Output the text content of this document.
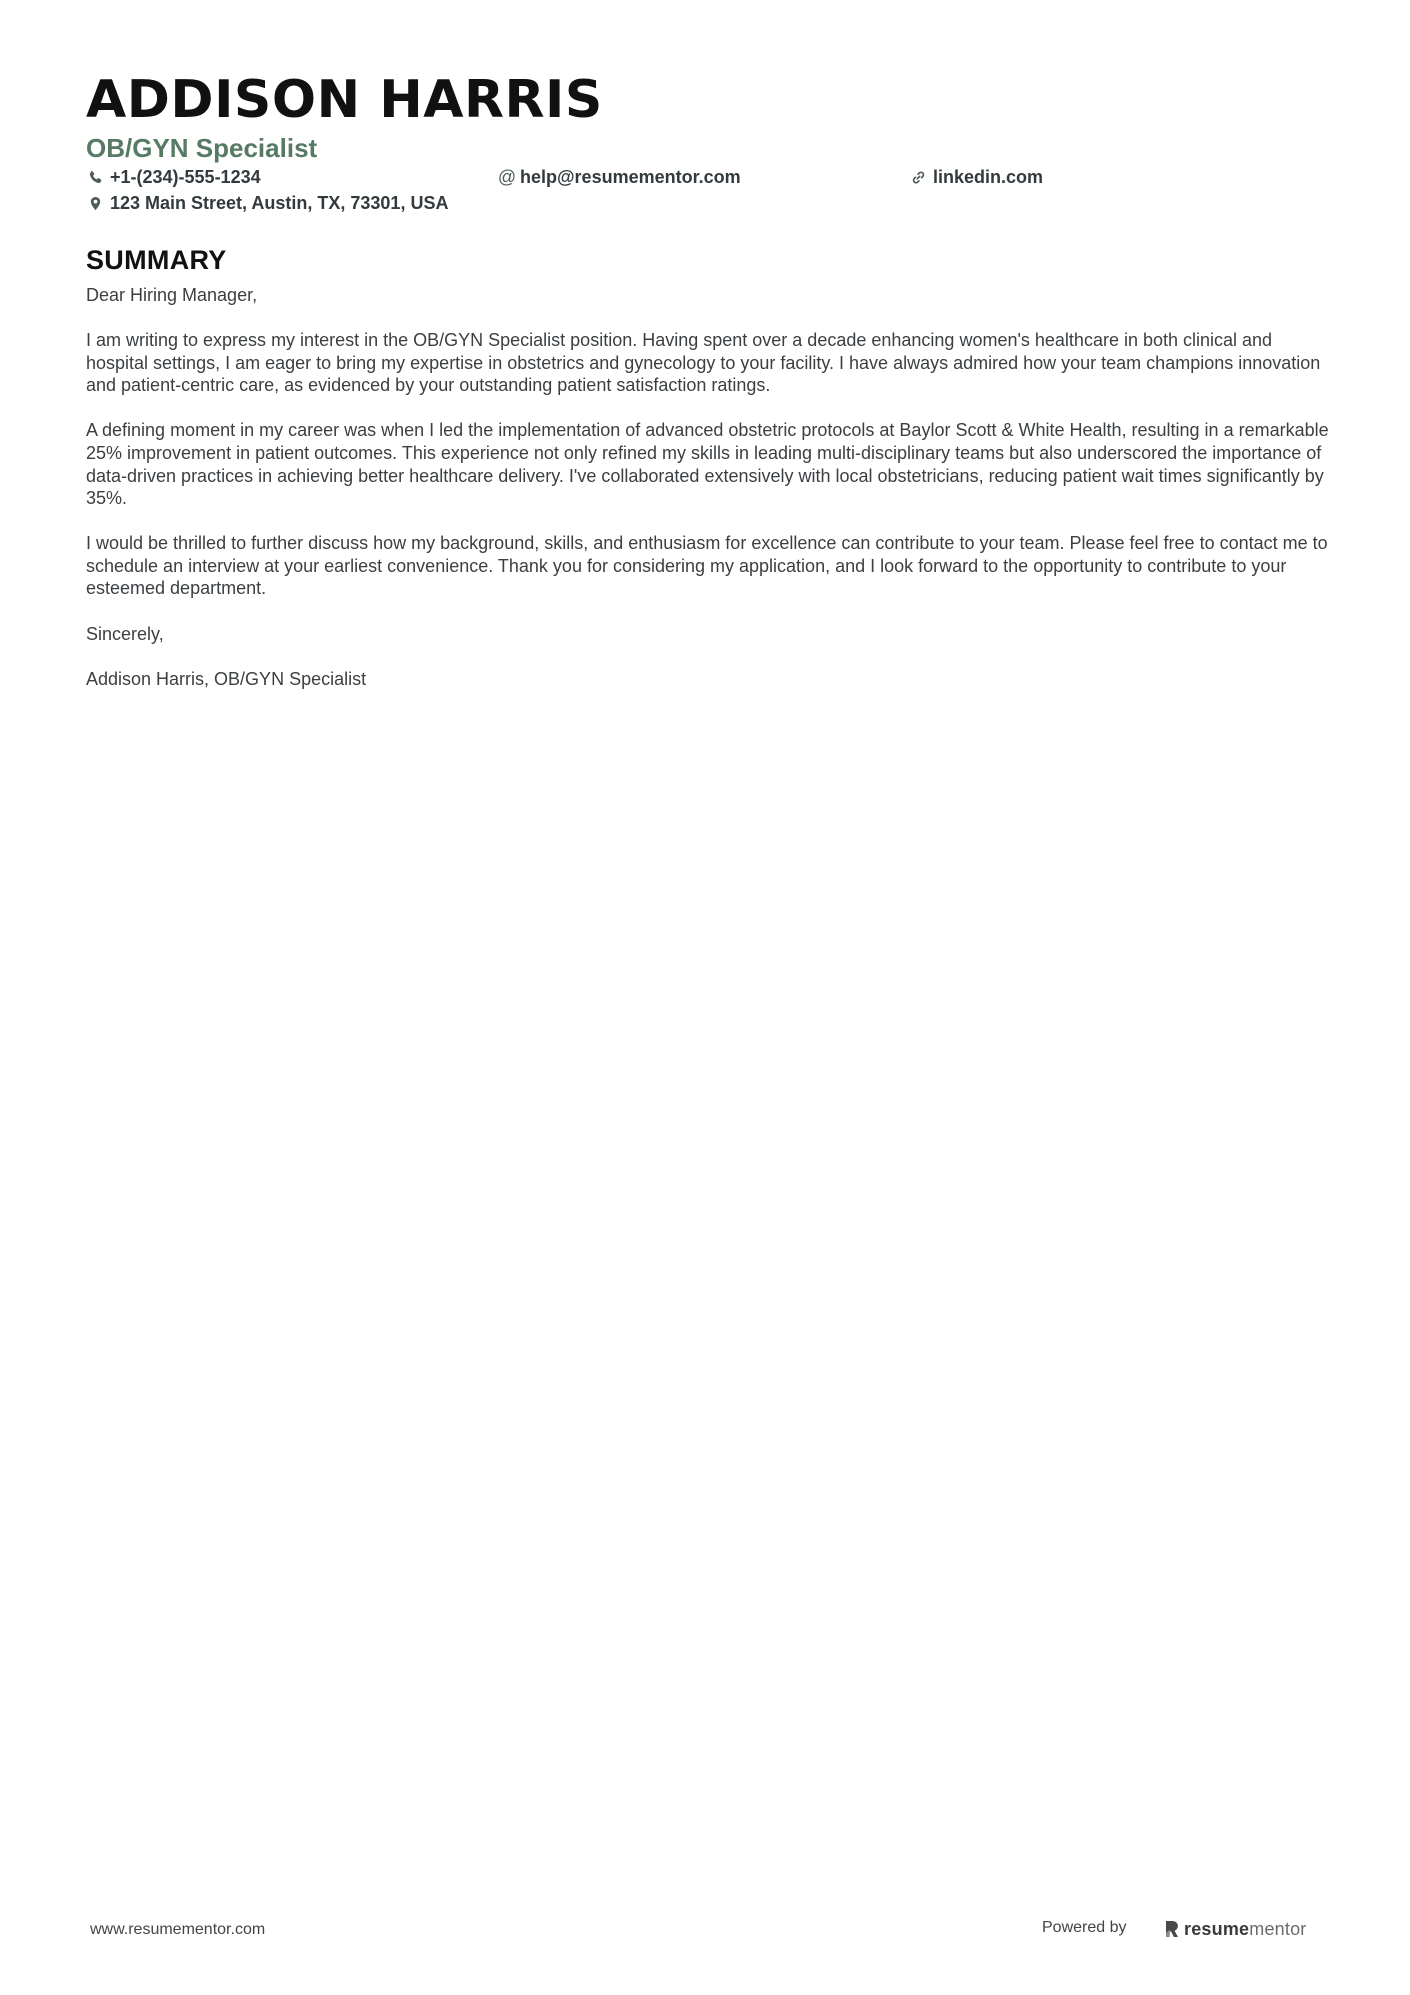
ADDISON HARRIS
OB/GYN Specialist
+1-(234)-555-1234	@ help@resumementor.com	linkedin.com
123 Main Street, Austin, TX, 73301, USA
SUMMARY

Dear Hiring Manager,

I am writing to express my interest in the OB/GYN Specialist position. Having spent over a decade enhancing women's healthcare in both clinical and hospital settings, I am eager to bring my expertise in obstetrics and gynecology to your facility. I have always admired how your team champions innovation and patient-centric care, as evidenced by your outstanding patient satisfaction ratings.

A defining moment in my career was when I led the implementation of advanced obstetric protocols at Baylor Scott & White Health, resulting in a remarkable 25% improvement in patient outcomes. This experience not only refined my skills in leading multi-disciplinary teams but also underscored the importance of data-driven practices in achieving better healthcare delivery. I've collaborated extensively with local obstetricians, reducing patient wait times significantly by 35%.

I would be thrilled to further discuss how my background, skills, and enthusiasm for excellence can contribute to your team. Please feel free to contact me to schedule an interview at your earliest convenience. Thank you for considering my application, and I look forward to the opportunity to contribute to your esteemed department.

Sincerely,

Addison Harris, OB/GYN Specialist

www.resumementor.com	Powered by	resumementor
